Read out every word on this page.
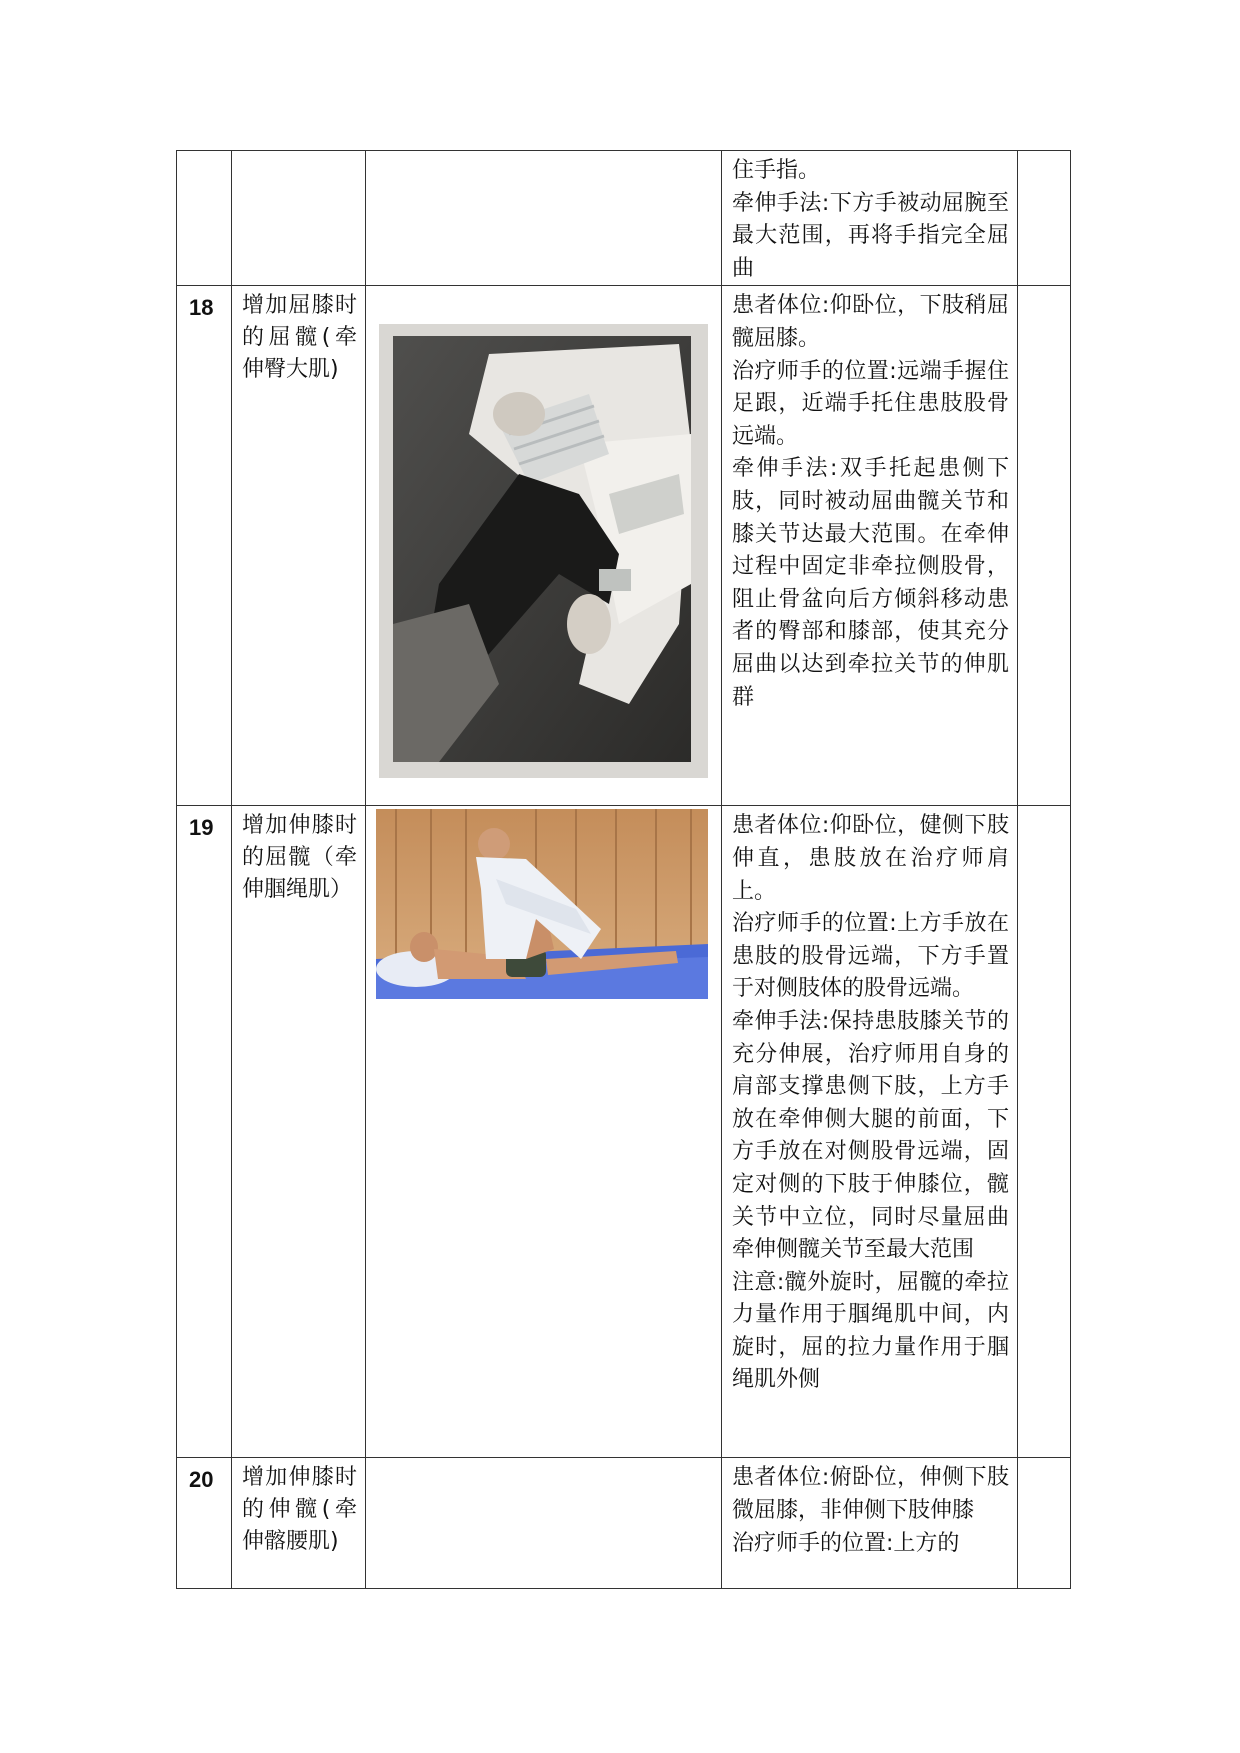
			住手指。

牵伸手法:下方手被动屈腕至最大范围，再将手指完全屈曲	

18	增加屈膝时的屈髋(牵伸臀大肌)		患者体位:仰卧位，下肢稍屈髋屈膝。

治疗师手的位置:远端手握住足跟，近端手托住患肢股骨远端。

牵伸手法:双手托起患侧下肢，同时被动屈曲髋关节和膝关节达最大范围。在牵伸过程中固定非牵拉侧股骨，阻止骨盆向后方倾斜移动患者的臀部和膝部，使其充分屈曲以达到牵拉关节的伸肌群	

19	增加伸膝时的屈髋（牵伸腘绳肌）		患者体位:仰卧位，健侧下肢伸直，患肢放在治疗师肩上。

治疗师手的位置:上方手放在患肢的股骨远端，下方手置于对侧肢体的股骨远端。

牵伸手法:保持患肢膝关节的充分伸展，治疗师用自身的肩部支撑患侧下肢，上方手放在牵伸侧大腿的前面，下方手放在对侧股骨远端，固定对侧的下肢于伸膝位，髋关节中立位，同时尽量屈曲牵伸侧髋关节至最大范围

注意:髋外旋时，屈髋的牵拉力量作用于腘绳肌中间，内旋时，屈的拉力量作用于腘绳肌外侧	

20	增加伸膝时的伸髋(牵伸髂腰肌)		患者体位:俯卧位，伸侧下肢微屈膝，非伸侧下肢伸膝

治疗师手的位置:上方的	
